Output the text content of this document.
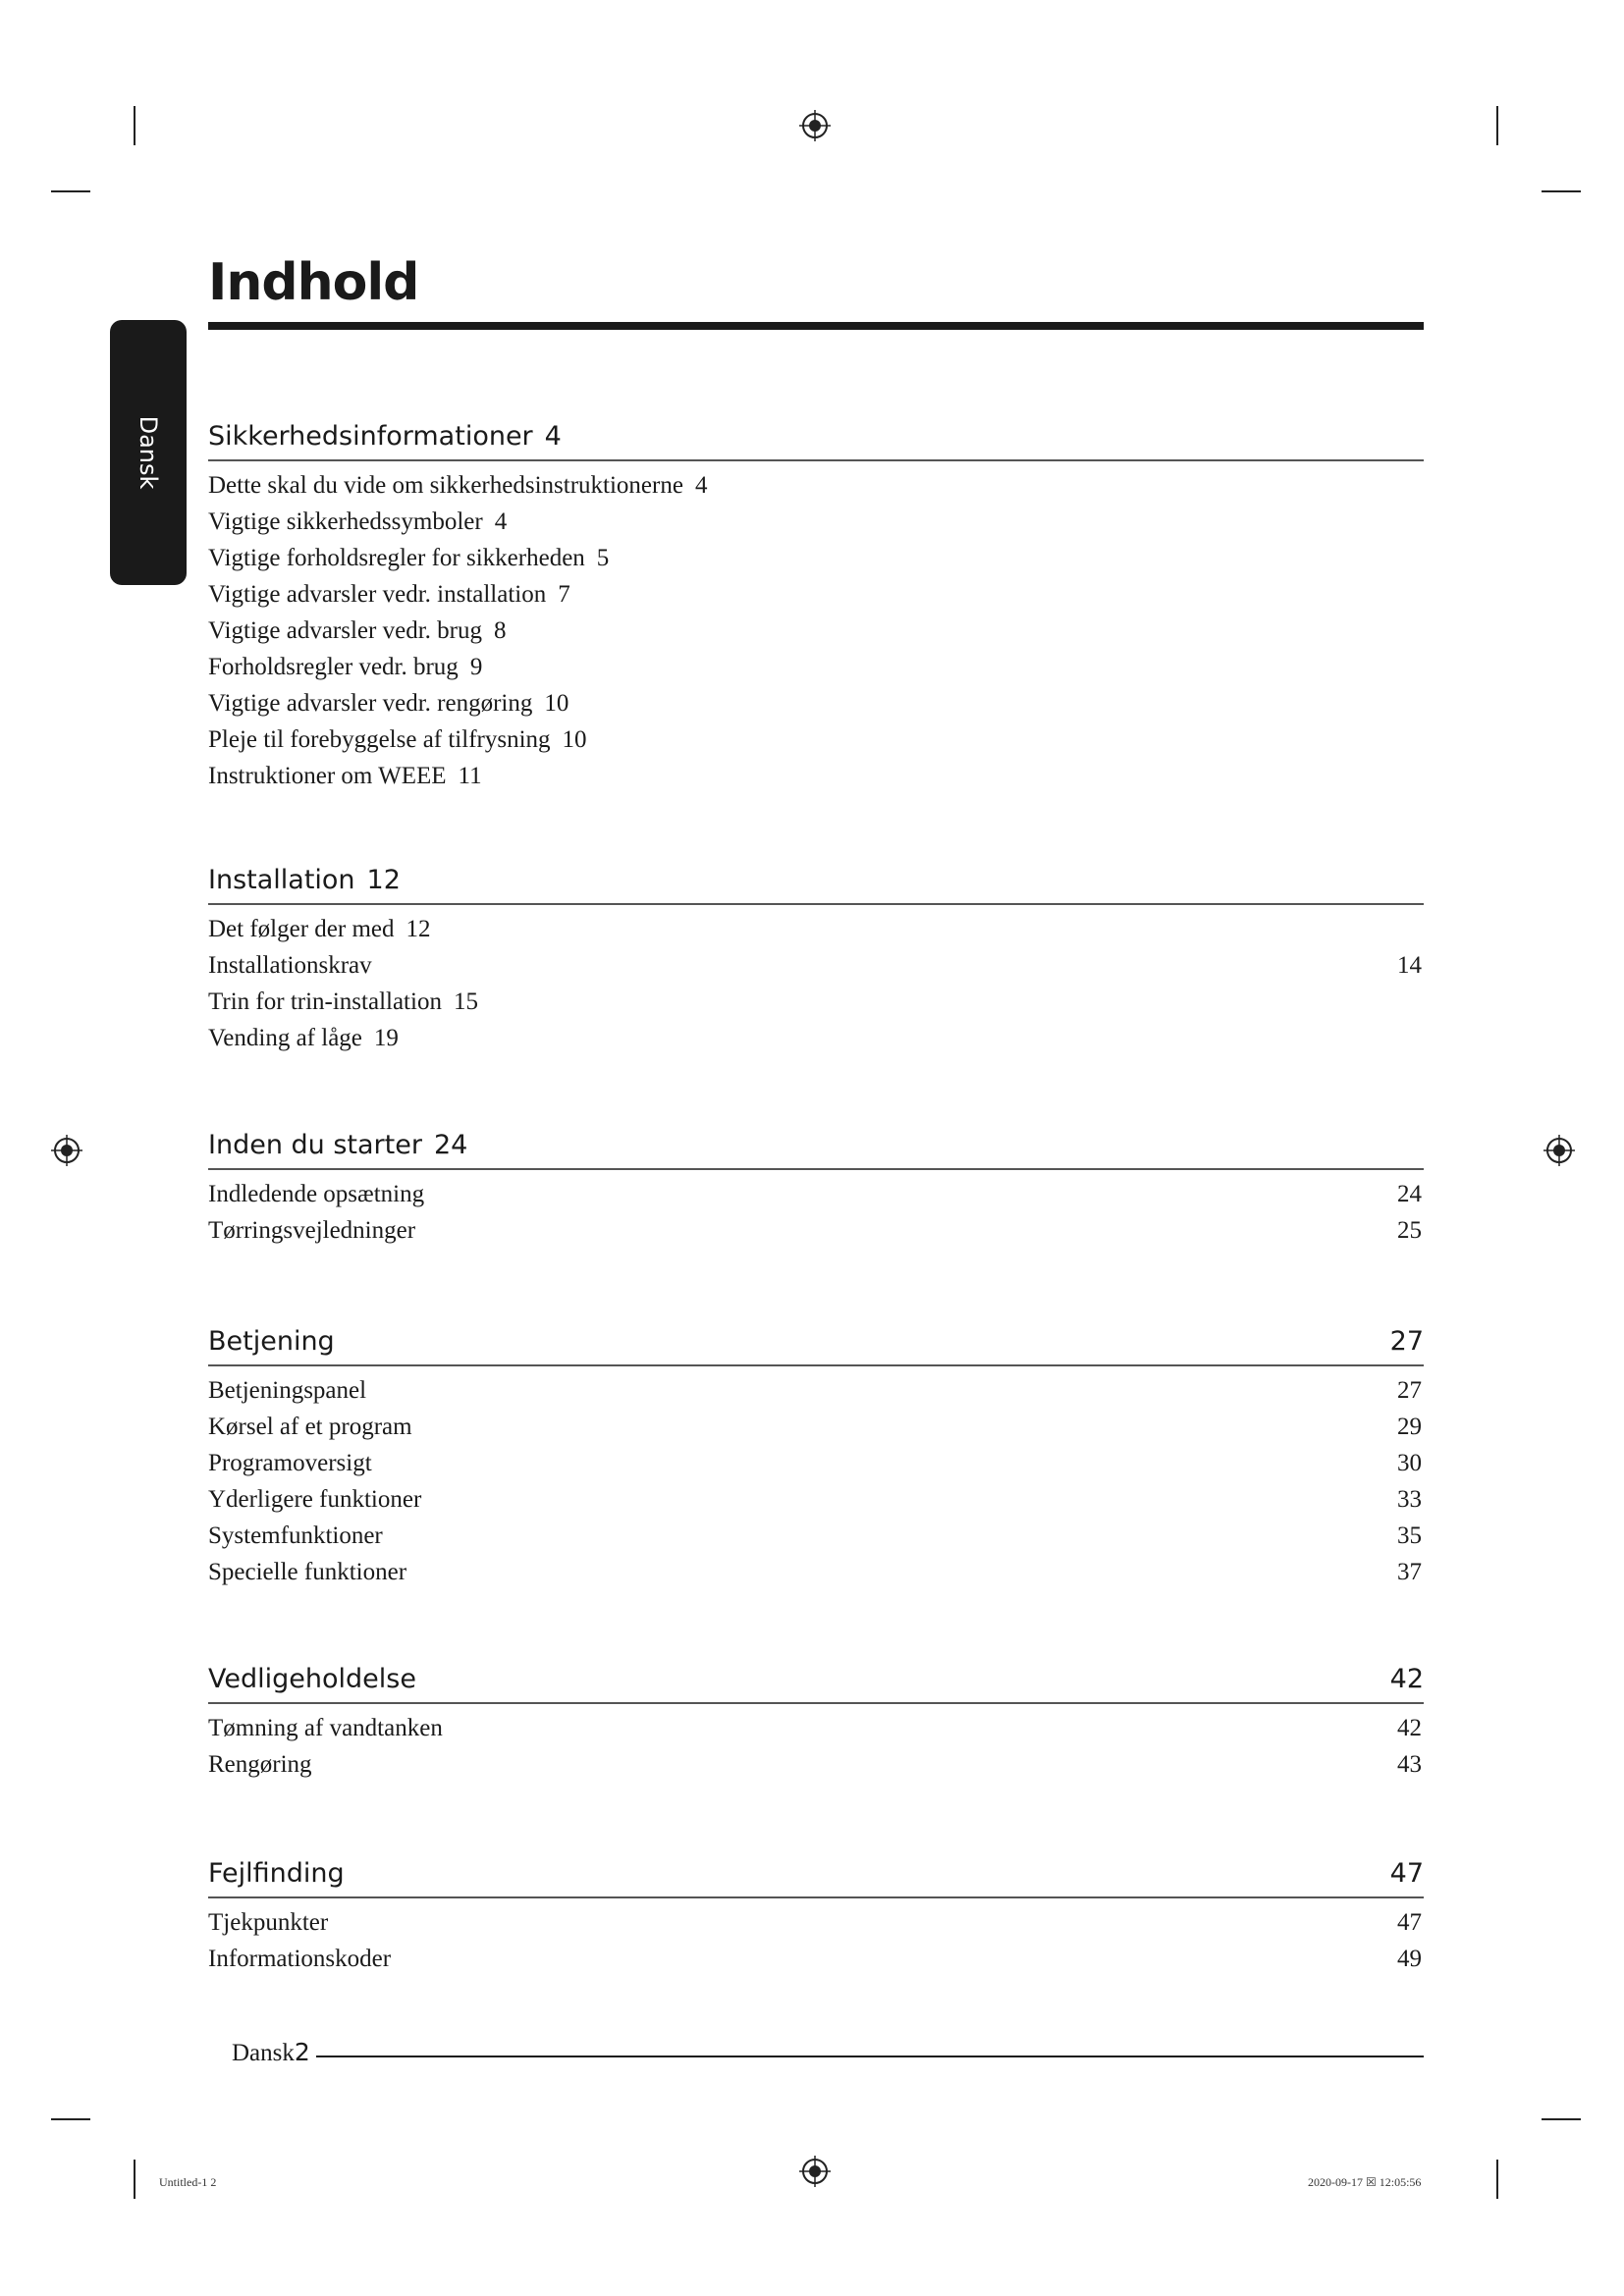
Dansk
Indhold
Sikkerhedsinformationer 4
Dette skal du vide om sikkerhedsinstruktionerne 4
Vigtige sikkerhedssymboler 4
Vigtige forholdsregler for sikkerheden 5
Vigtige advarsler vedr. installation 7
Vigtige advarsler vedr. brug 8
Forholdsregler vedr. brug 9
Vigtige advarsler vedr. rengøring 10
Pleje til forebyggelse af tilfrysning 10
Instruktioner om WEEE 11
Installation 12
Det følger der med 12
Installationskrav	14
Trin for trin-installation 15
Vending af låge 19
Inden du starter 24
Indledende opsætning	24
Tørringsvejledninger	25
Betjening	27
Betjeningspanel	27
Kørsel af et program	29
Programoversigt	30
Yderligere funktioner	33
Systemfunktioner	35
Specielle funktioner	37
Vedligeholdelse	42
Tømning af vandtanken	42
Rengøring	43
Fejlfinding	47
Tjekpunkter	47
Informationskoder	49
Dansk2
Untitled-1 2	2020-09-17 ☒ 12:05:56
